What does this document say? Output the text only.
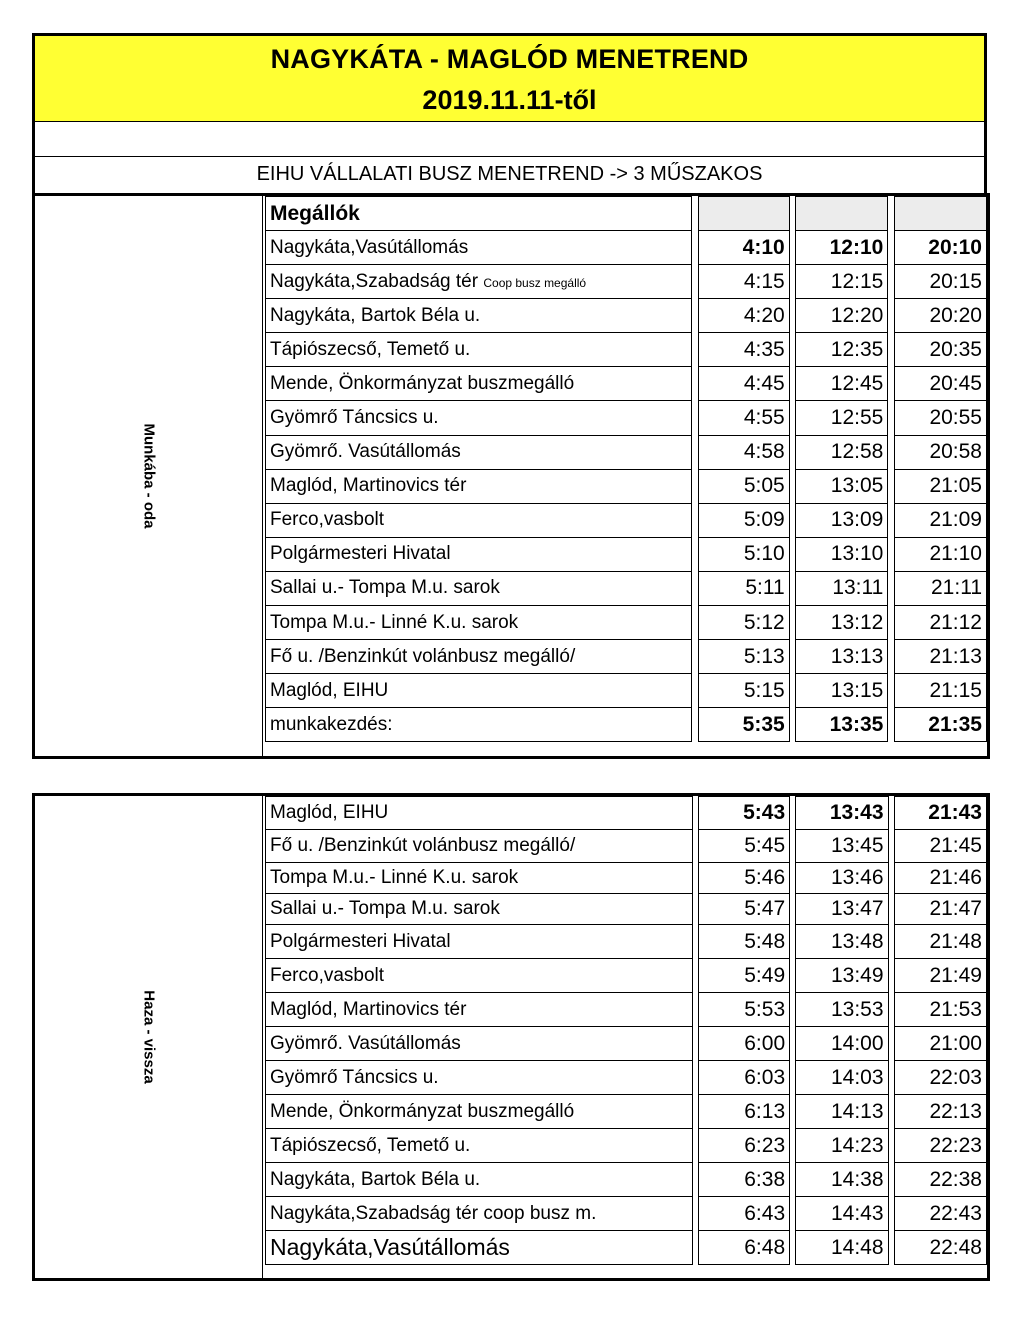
NAGYKÁTA - MAGLÓD MENETREND
2019.11.11-től
EIHU VÁLLALATI BUSZ MENETREND -> 3 MŰSZAKOS
Munkába - oda
Megállók						
Nagykáta,Vasútállomás		4:10		12:10		20:10
Nagykáta,Szabadság tér Coop busz megálló		4:15		12:15		20:15
Nagykáta, Bartok Béla u.		4:20		12:20		20:20
Tápiószecső, Temető u.		4:35		12:35		20:35
Mende, Önkormányzat buszmegálló		4:45		12:45		20:45
Gyömrő Táncsics u.		4:55		12:55		20:55
Gyömrő. Vasútállomás		4:58		12:58		20:58
Maglód, Martinovics tér		5:05		13:05		21:05
Ferco,vasbolt		5:09		13:09		21:09
Polgármesteri Hivatal		5:10		13:10		21:10
Sallai u.- Tompa M.u. sarok		5:11		13:11		21:11
Tompa M.u.- Linné K.u. sarok		5:12		13:12		21:12
Fő u. /Benzinkút volánbusz megálló/		5:13		13:13		21:13
Maglód, EIHU		5:15		13:15		21:15
munkakezdés:		5:35		13:35		21:35
Haza - vissza
Maglód, EIHU		5:43		13:43		21:43
Fő u. /Benzinkút volánbusz megálló/		5:45		13:45		21:45
Tompa M.u.- Linné K.u. sarok		5:46		13:46		21:46
Sallai u.- Tompa M.u. sarok		5:47		13:47		21:47
Polgármesteri Hivatal		5:48		13:48		21:48
Ferco,vasbolt		5:49		13:49		21:49
Maglód, Martinovics tér		5:53		13:53		21:53
Gyömrő. Vasútállomás		6:00		14:00		21:00
Gyömrő Táncsics u.		6:03		14:03		22:03
Mende, Önkormányzat buszmegálló		6:13		14:13		22:13
Tápiószecső, Temető u.		6:23		14:23		22:23
Nagykáta, Bartok Béla u.		6:38		14:38		22:38
Nagykáta,Szabadság tér coop busz m.		6:43		14:43		22:43
Nagykáta,Vasútállomás		6:48		14:48		22:48
